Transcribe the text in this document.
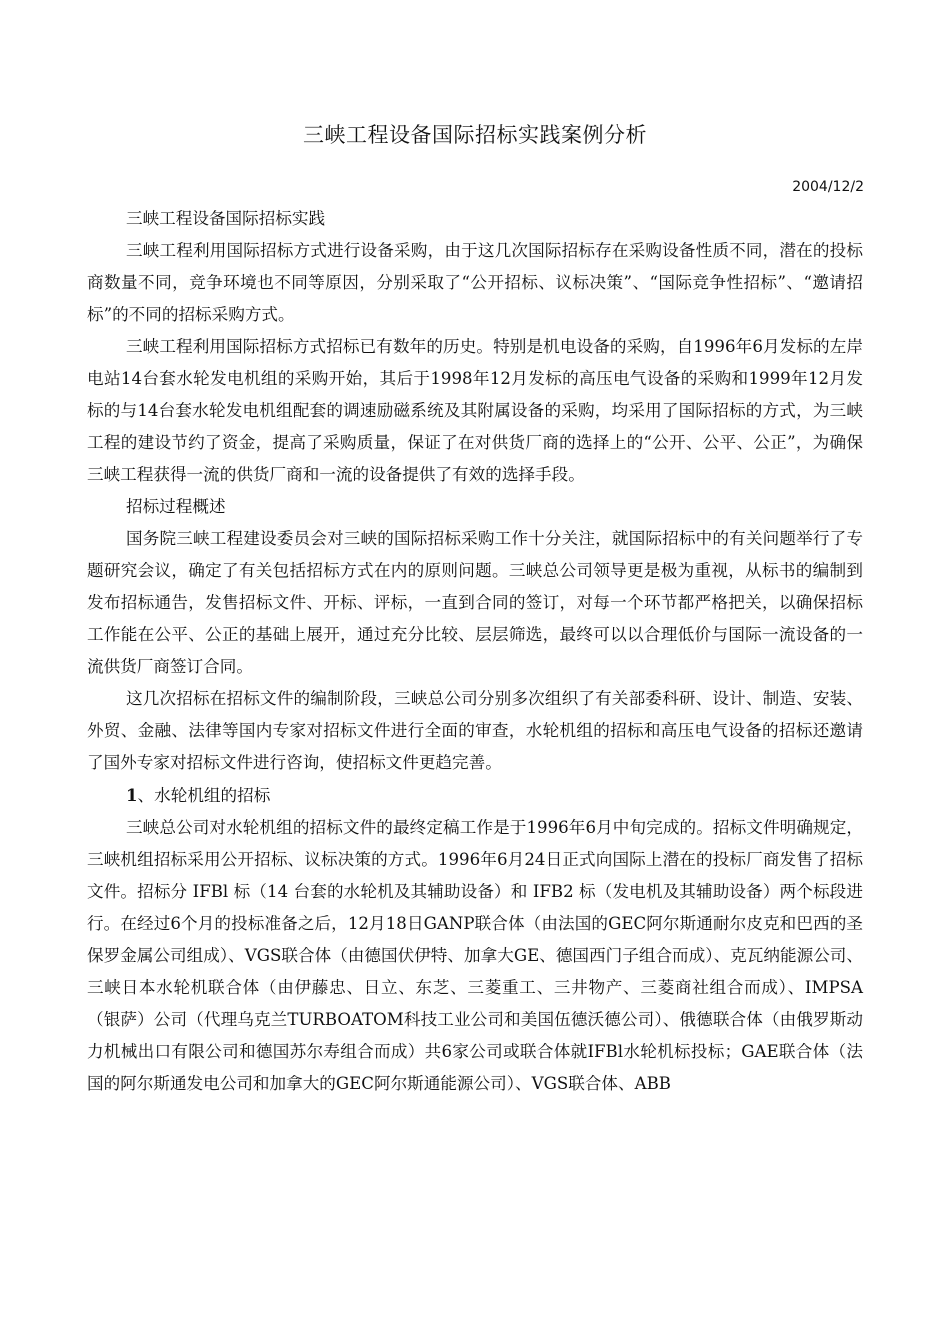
三峡工程设备国际招标实践案例分析
2004/12/2

三峡工程设备国际招标实践

三峡工程利用国际招标方式进行设备采购，由于这几次国际招标存在采购设备性质不同，潜在的投标商数量不同，竞争环境也不同等原因，分别采取了“公开招标、议标决策”、“国际竞争性招标”、“邀请招标”的不同的招标采购方式。

三峡工程利用国际招标方式招标已有数年的历史。特别是机电设备的采购，自1996年6月发标的左岸电站14台套水轮发电机组的采购开始，其后于1998年12月发标的高压电气设备的采购和1999年12月发标的与14台套水轮发电机组配套的调速励磁系统及其附属设备的采购，均采用了国际招标的方式，为三峡工程的建设节约了资金，提高了采购质量，保证了在对供货厂商的选择上的“公开、公平、公正”，为确保三峡工程获得一流的供货厂商和一流的设备提供了有效的选择手段。

招标过程概述

国务院三峡工程建设委员会对三峡的国际招标采购工作十分关注，就国际招标中的有关问题举行了专题研究会议，确定了有关包括招标方式在内的原则问题。三峡总公司领导更是极为重视，从标书的编制到发布招标通告，发售招标文件、开标、评标，一直到合同的签订，对每一个环节都严格把关，以确保招标工作能在公平、公正的基础上展开，通过充分比较、层层筛选，最终可以以合理低价与国际一流设备的一流供货厂商签订合同。

这几次招标在招标文件的编制阶段，三峡总公司分别多次组织了有关部委科研、设计、制造、安装、外贸、金融、法律等国内专家对招标文件进行全面的审查，水轮机组的招标和高压电气设备的招标还邀请了国外专家对招标文件进行咨询，使招标文件更趋完善。

1、水轮机组的招标

三峡总公司对水轮机组的招标文件的最终定稿工作是于1996年6月中旬完成的。招标文件明确规定，三峡机组招标采用公开招标、议标决策的方式。1996年6月24日正式向国际上潜在的投标厂商发售了招标文件。招标分 IFBl 标（14 台套的水轮机及其辅助设备）和 IFB2 标（发电机及其辅助设备）两个标段进行。在经过6个月的投标准备之后，12月18日GANP联合体（由法国的GEC阿尔斯通耐尔皮克和巴西的圣保罗金属公司组成）、VGS联合体（由德国伏伊特、加拿大GE、德国西门子组合而成）、克瓦纳能源公司、三峡日本水轮机联合体（由伊藤忠、日立、东芝、三菱重工、三井物产、三菱商社组合而成）、IMPSA（银萨）公司（代理乌克兰TURBOATOM科技工业公司和美国伍德沃德公司）、俄德联合体（由俄罗斯动力机械出口有限公司和德国苏尔寿组合而成）共6家公司或联合体就IFBl水轮机标投标；GAE联合体（法国的阿尔斯通发电公司和加拿大的GEC阿尔斯通能源公司）、VGS联合体、ABB
